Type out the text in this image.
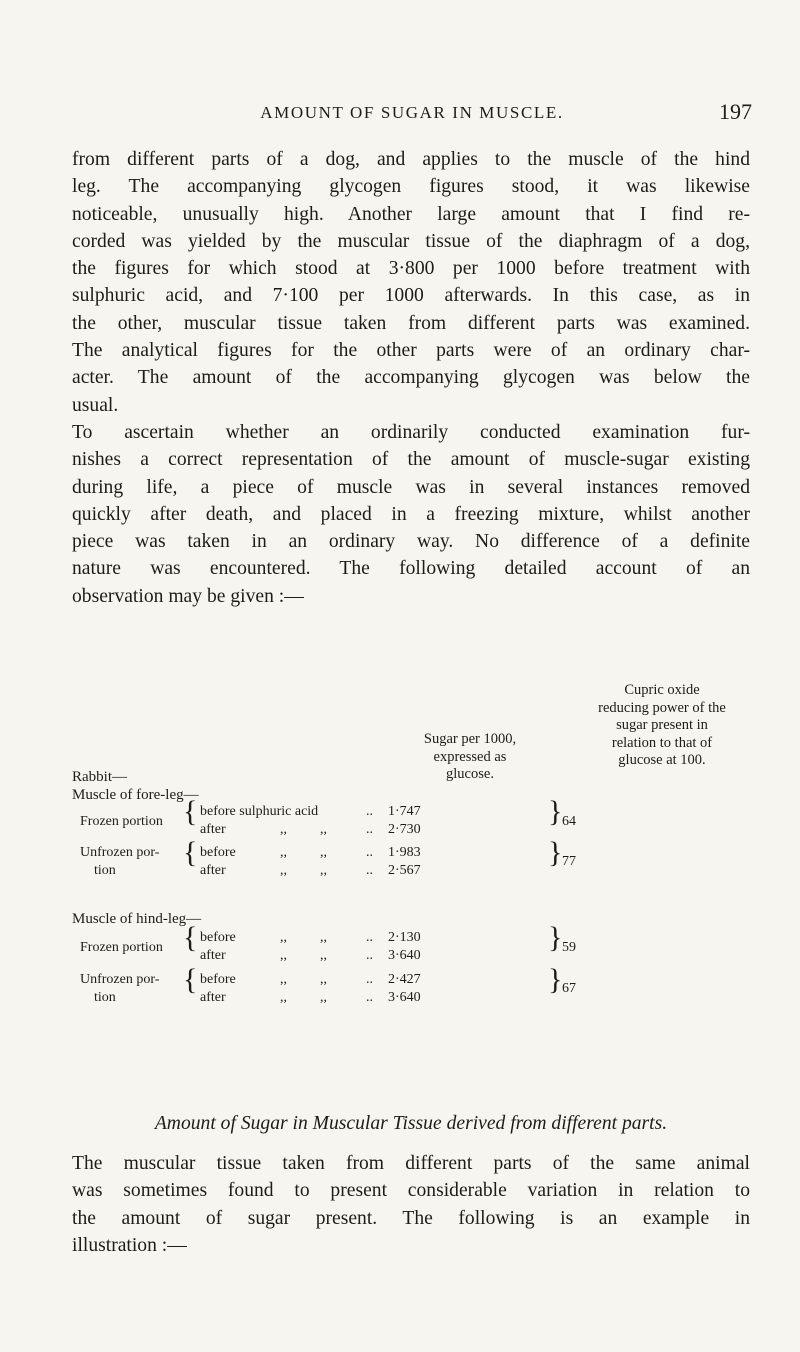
AMOUNT OF SUGAR IN MUSCLE.	197
from different parts of a dog, and applies to the muscle of the hind
leg. The accompanying glycogen figures stood, it was likewise
noticeable, unusually high. Another large amount that I find re-
corded was yielded by the muscular tissue of the diaphragm of a dog,
the figures for which stood at 3·800 per 1000 before treatment with
sulphuric acid, and 7·100 per 1000 afterwards. In this case, as in
the other, muscular tissue taken from different parts was examined.
The analytical figures for the other parts were of an ordinary char-
acter. The amount of the accompanying glycogen was below the
usual.
To ascertain whether an ordinarily conducted examination fur-
nishes a correct representation of the amount of muscle-sugar existing
during life, a piece of muscle was in several instances removed
quickly after death, and placed in a freezing mixture, whilst another
piece was taken in an ordinary way. No difference of a definite
nature was encountered. The following detailed account of an
observation may be given :—
Sugar per 1000,
expressed as
glucose.
Cupric oxide
reducing power of the
sugar present in
relation to that of
glucose at 100.
Rabbit—
Muscle of fore-leg—
Frozen portion { before sulphuric acid
after	,, ,,
..
..
1·747
2·730
} 64
Unfrozen por-
tion
{ before
after
,, ,,
,, ,,
..
..
1·983
2·567
} 77
Muscle of hind-leg—
Frozen portion { before
after
,, ,,
,, ,,
..
..
2·130
3·640
} 59
Unfrozen por-
tion
{ before
after
,, ,,
,, ,,
..
..
2·427
3·640
} 67
Amount of Sugar in Muscular Tissue derived from different parts.
The muscular tissue taken from different parts of the same animal
was sometimes found to present considerable variation in relation to
the amount of sugar present. The following is an example in
illustration :—
